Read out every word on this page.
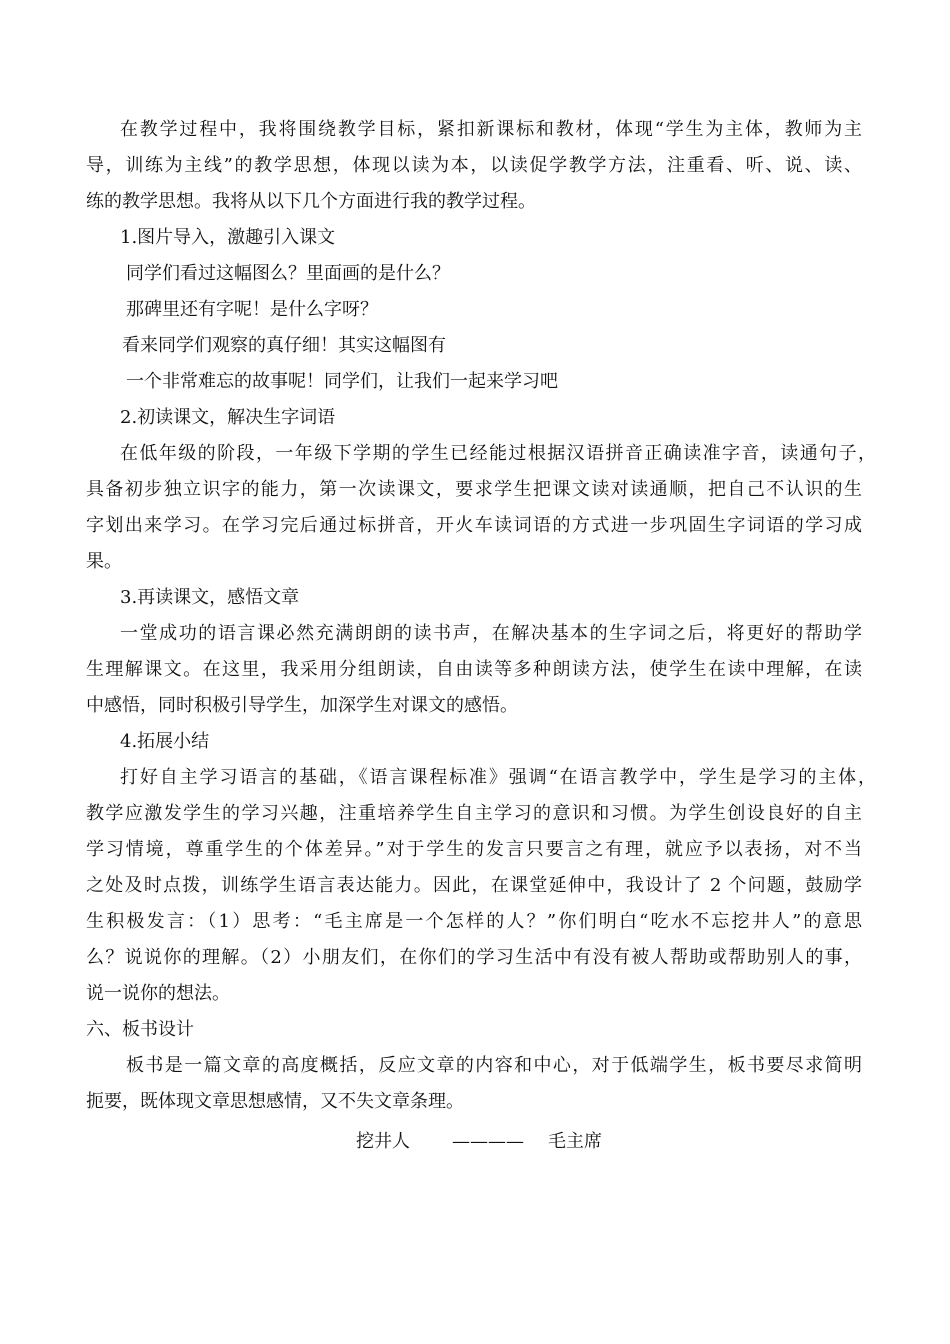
在教学过程中，我将围绕教学目标，紧扣新课标和教材，体现“学生为主体，教师为主
导，训练为主线”的教学思想，体现以读为本，以读促学教学方法，注重看、听、说、读、
练的教学思想。我将从以下几个方面进行我的教学过程。
1.图片导入，激趣引入课文
同学们看过这幅图么？里面画的是什么？
那碑里还有字呢！是什么字呀？
看来同学们观察的真仔细！其实这幅图有
一个非常难忘的故事呢！同学们，让我们一起来学习吧
2.初读课文，解决生字词语
在低年级的阶段，一年级下学期的学生已经能过根据汉语拼音正确读准字音，读通句子，
具备初步独立识字的能力，第一次读课文，要求学生把课文读对读通顺，把自己不认识的生
字划出来学习。在学习完后通过标拼音，开火车读词语的方式进一步巩固生字词语的学习成
果。
3.再读课文，感悟文章
一堂成功的语言课必然充满朗朗的读书声，在解决基本的生字词之后，将更好的帮助学
生理解课文。在这里，我采用分组朗读，自由读等多种朗读方法，使学生在读中理解，在读
中感悟，同时积极引导学生，加深学生对课文的感悟。
4.拓展小结
打好自主学习语言的基础，《语言课程标准》强调“在语言教学中，学生是学习的主体，
教学应激发学生的学习兴趣，注重培养学生自主学习的意识和习惯。为学生创设良好的自主
学习情境，尊重学生的个体差异。”对于学生的发言只要言之有理，就应予以表扬，对不当
之处及时点拨，训练学生语言表达能力。因此，在课堂延伸中，我设计了 2 个问题，鼓励学
生积极发言：（1）思考：“毛主席是一个怎样的人？”你们明白“吃水不忘挖井人”的意思
么？说说你的理解。（2）小朋友们，在你们的学习生活中有没有被人帮助或帮助别人的事，
说一说你的想法。
六、板书设计
板书是一篇文章的高度概括，反应文章的内容和中心，对于低端学生，板书要尽求简明
扼要，既体现文章思想感情，又不失文章条理。
挖井人 ———— 毛主席
